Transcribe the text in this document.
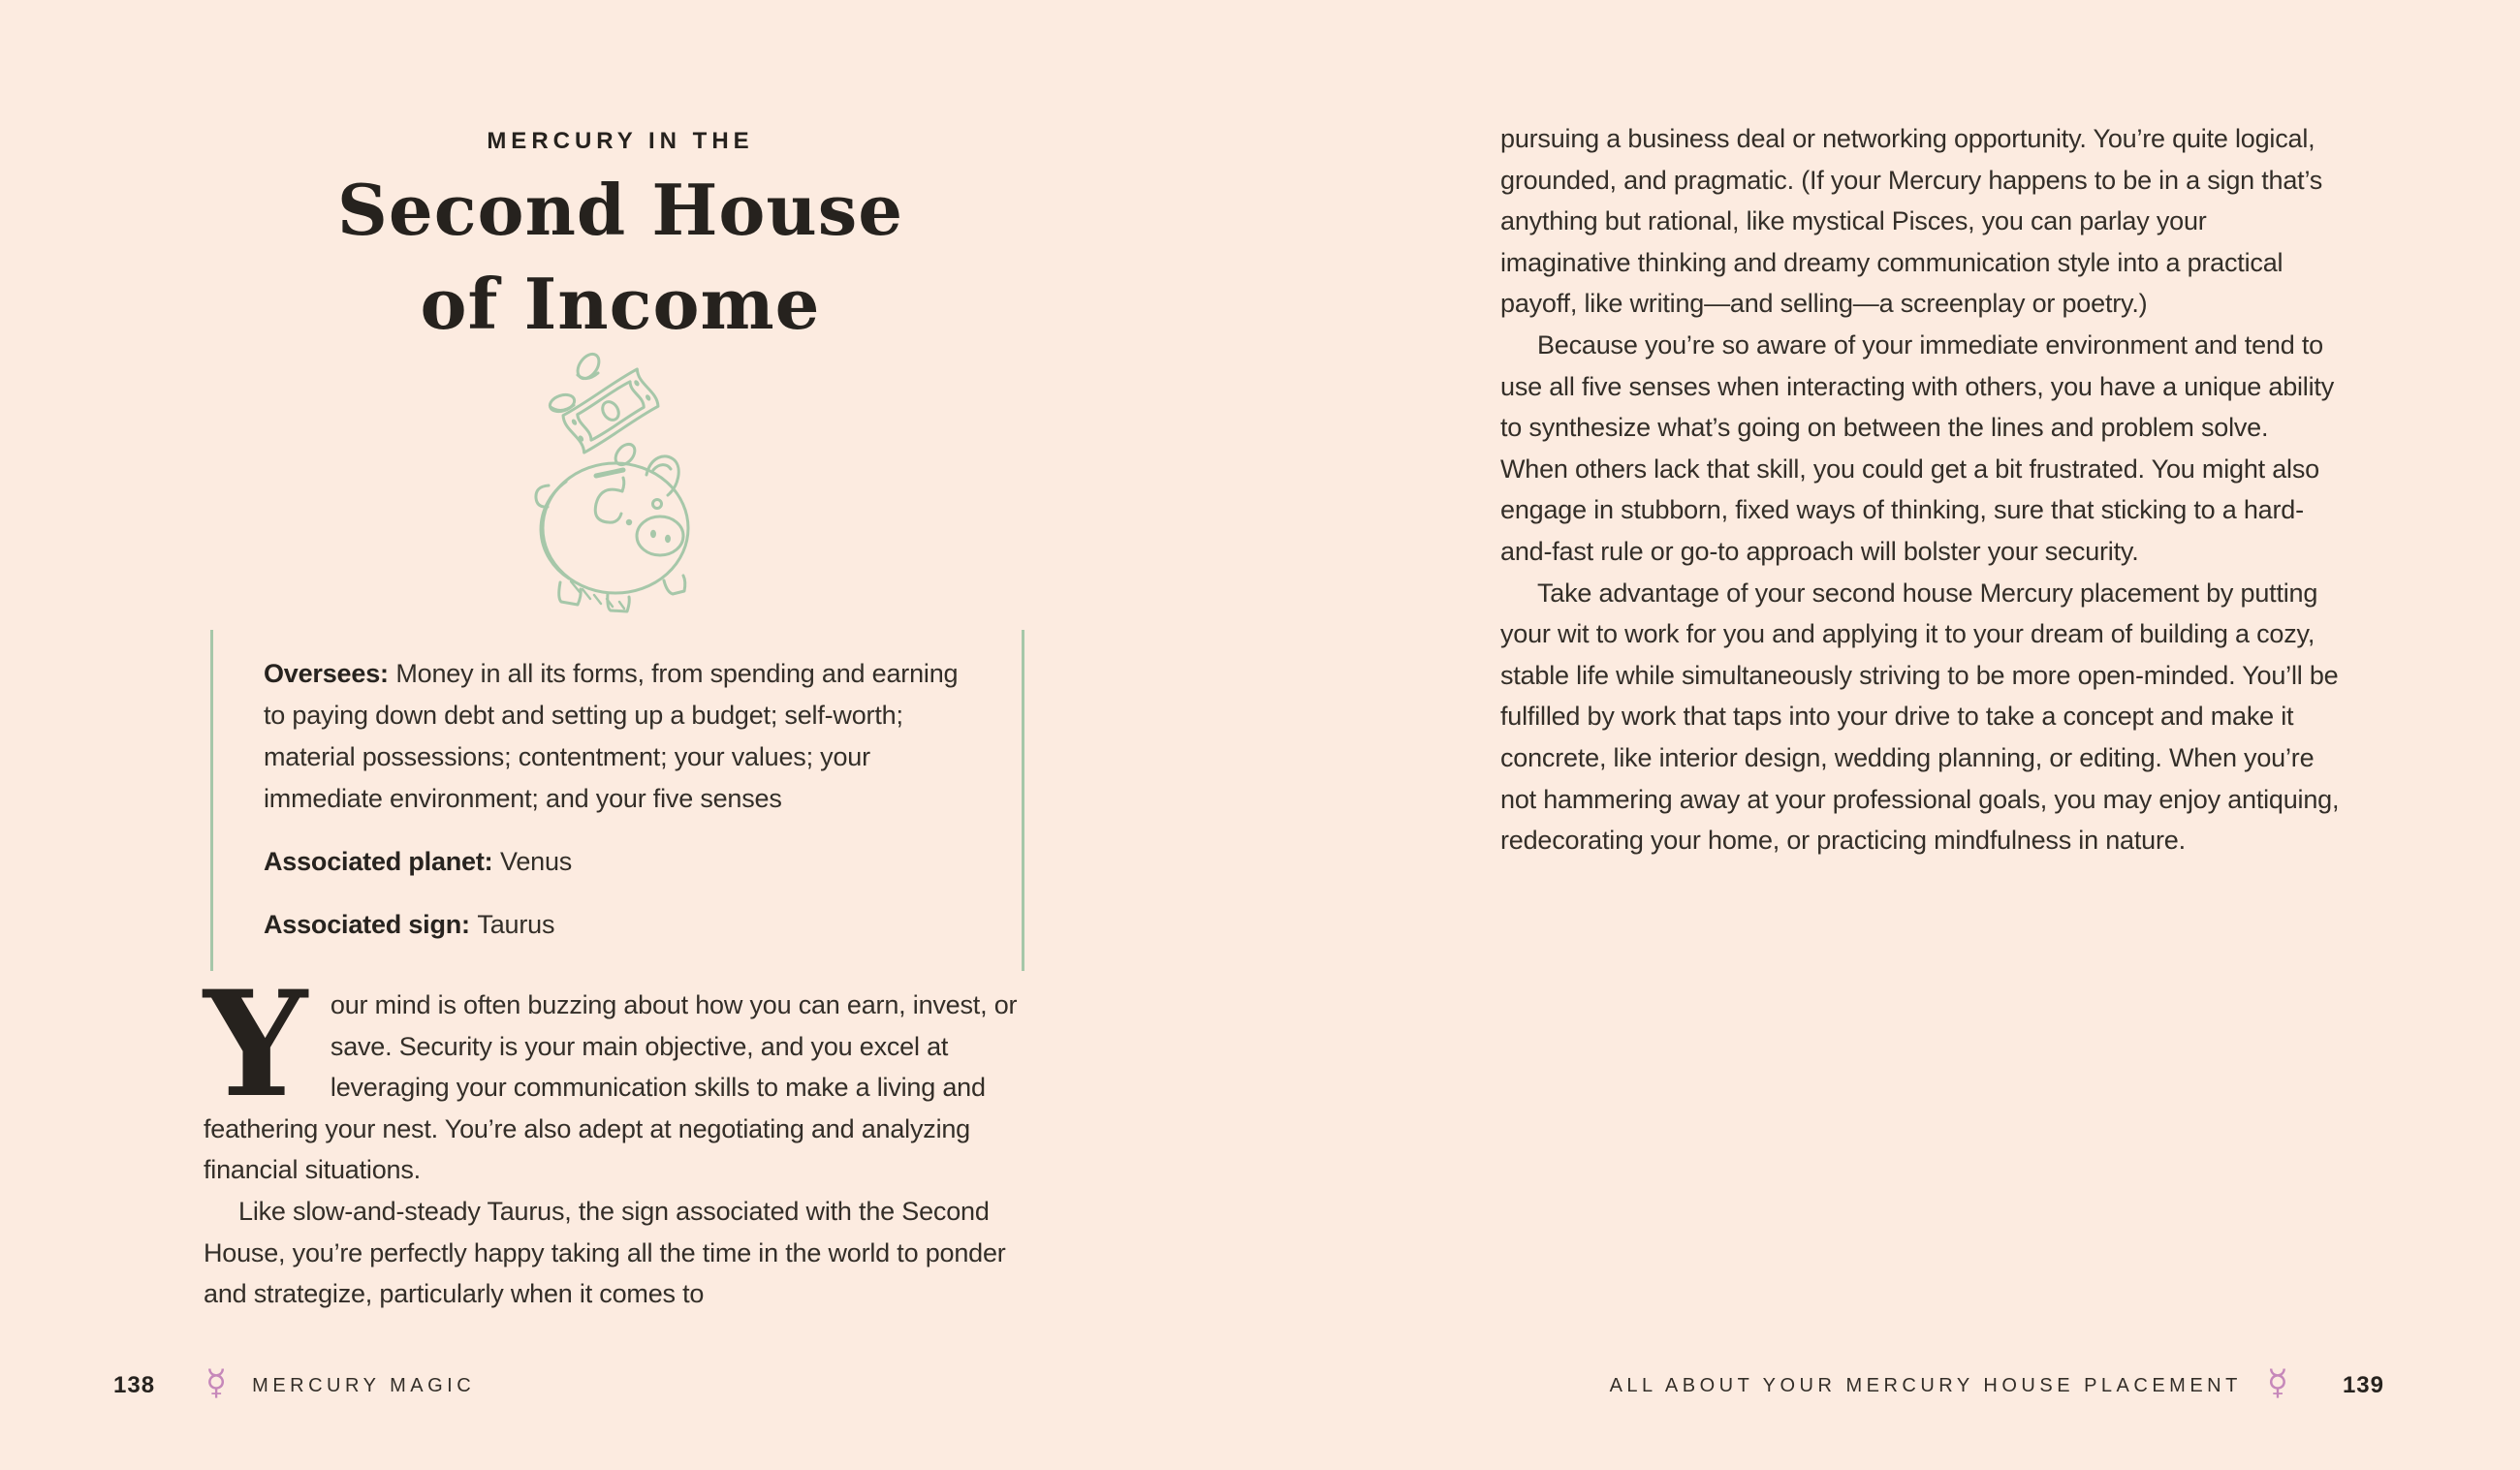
MERCURY IN THE
Second House
of Income

Oversees: Money in all its forms, from spending and earning to paying down debt and setting up a budget; self-worth; material possessions; contentment; your values; your immediate environment; and your five senses

Associated planet: Venus

Associated sign: Taurus

Your mind is often buzzing about how you can earn, invest, or save. Security is your main objective, and you excel at leveraging your communication skills to make a living and feathering your nest. You’re also adept at negotiating and analyzing financial situations.

Like slow-and-steady Taurus, the sign associated with the Second House, you’re perfectly happy taking all the time in the world to ponder and strategize, particularly when it comes to

pursuing a business deal or networking opportunity. You’re quite logical, grounded, and pragmatic. (If your Mercury happens to be in a sign that’s anything but rational, like mystical Pisces, you can parlay your imaginative thinking and dreamy communication style into a practical payoff, like writing—and selling—a screenplay or poetry.)

Because you’re so aware of your immediate environment and tend to use all five senses when interacting with others, you have a unique ability to synthesize what’s going on between the lines and problem solve. When others lack that skill, you could get a bit frustrated. You might also engage in stubborn, fixed ways of thinking, sure that sticking to a hard-and-fast rule or go-to approach will bolster your security.

Take advantage of your second house Mercury placement by putting your wit to work for you and applying it to your dream of building a cozy, stable life while simultaneously striving to be more open-minded. You’ll be fulfilled by work that taps into your drive to take a concept and make it concrete, like interior design, wedding planning, or editing. When you’re not hammering away at your professional goals, you may enjoy antiquing, redecorating your home, or practicing mindfulness in nature.

138 ☿ MERCURY MAGIC	ALL ABOUT YOUR MERCURY HOUSE PLACEMENT ☿ 139
